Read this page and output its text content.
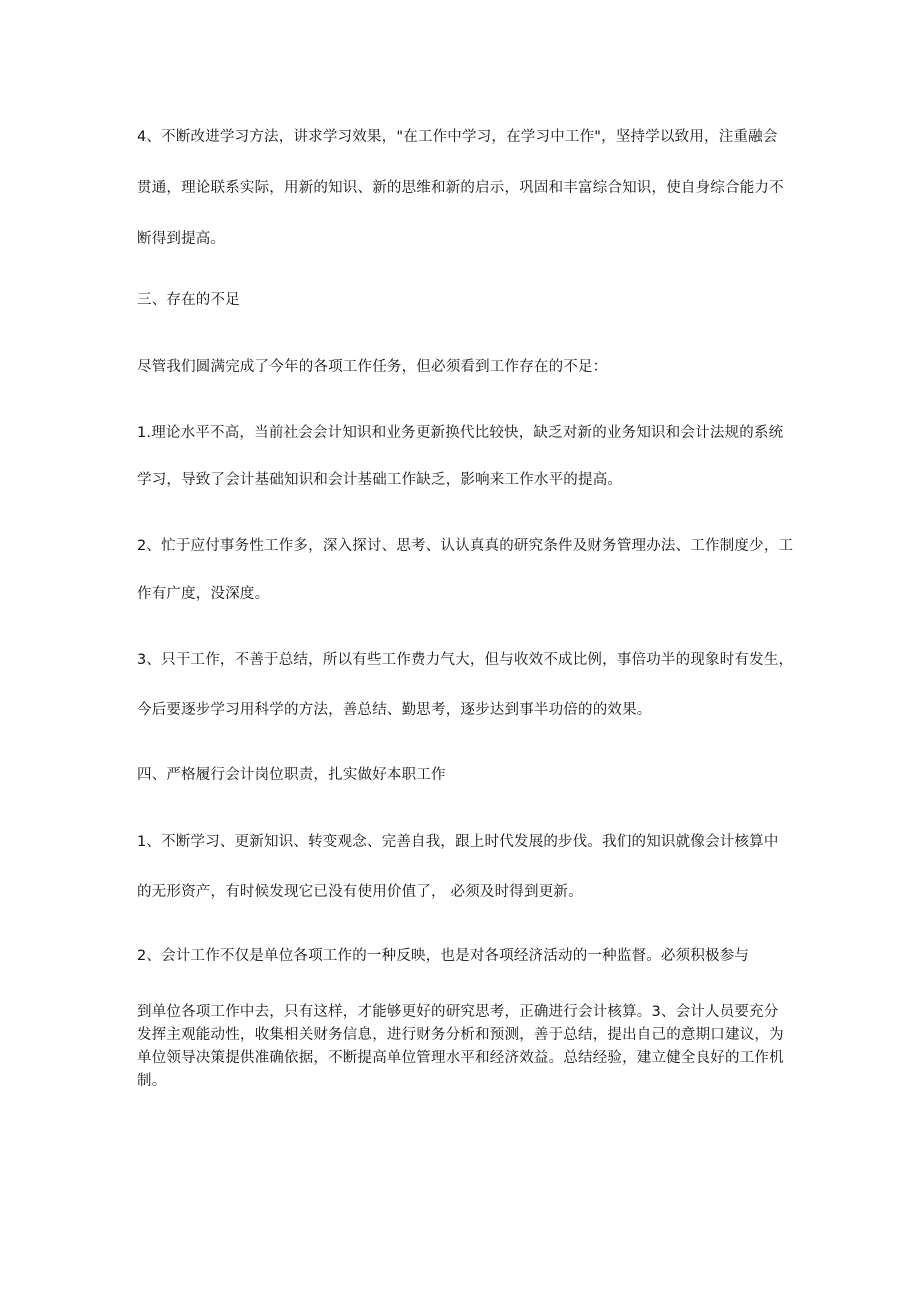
4、不断改进学习方法，讲求学习效果，"在工作中学习，在学习中工作"，坚持学以致用，注重融会

贯通，理论联系实际，用新的知识、新的思维和新的启示，巩固和丰富综合知识，使自身综合能力不

断得到提高。

三、存在的不足

尽管我们圆满完成了今年的各项工作任务，但必须看到工作存在的不足：

1.理论水平不高，当前社会会计知识和业务更新换代比较快，缺乏对新的业务知识和会计法规的系统

学习，导致了会计基础知识和会计基础工作缺乏，影响来工作水平的提高。

2、忙于应付事务性工作多，深入探讨、思考、认认真真的研究条件及财务管理办法、工作制度少，工

作有广度，没深度。

3、只干工作，不善于总结，所以有些工作费力气大，但与收效不成比例，事倍功半的现象时有发生，

今后要逐步学习用科学的方法，善总结、勤思考，逐步达到事半功倍的的效果。

四、严格履行会计岗位职责，扎实做好本职工作

1、不断学习、更新知识、转变观念、完善自我，跟上时代发展的步伐。我们的知识就像会计核算中

的无形资产，有时候发现它已没有使用价值了， 必须及时得到更新。

2、会计工作不仅是单位各项工作的一种反映，也是对各项经济活动的一种监督。必须积极参与

到单位各项工作中去，只有这样，才能够更好的研究思考，正确进行会计核算。3、会计人员要充分发挥主观能动性，收集相关财务信息，进行财务分析和预测，善于总结，提出自己的意期口建议，为单位领导决策提供准确依据，不断提高单位管理水平和经济效益。总结经验，建立健全良好的工作机制。
